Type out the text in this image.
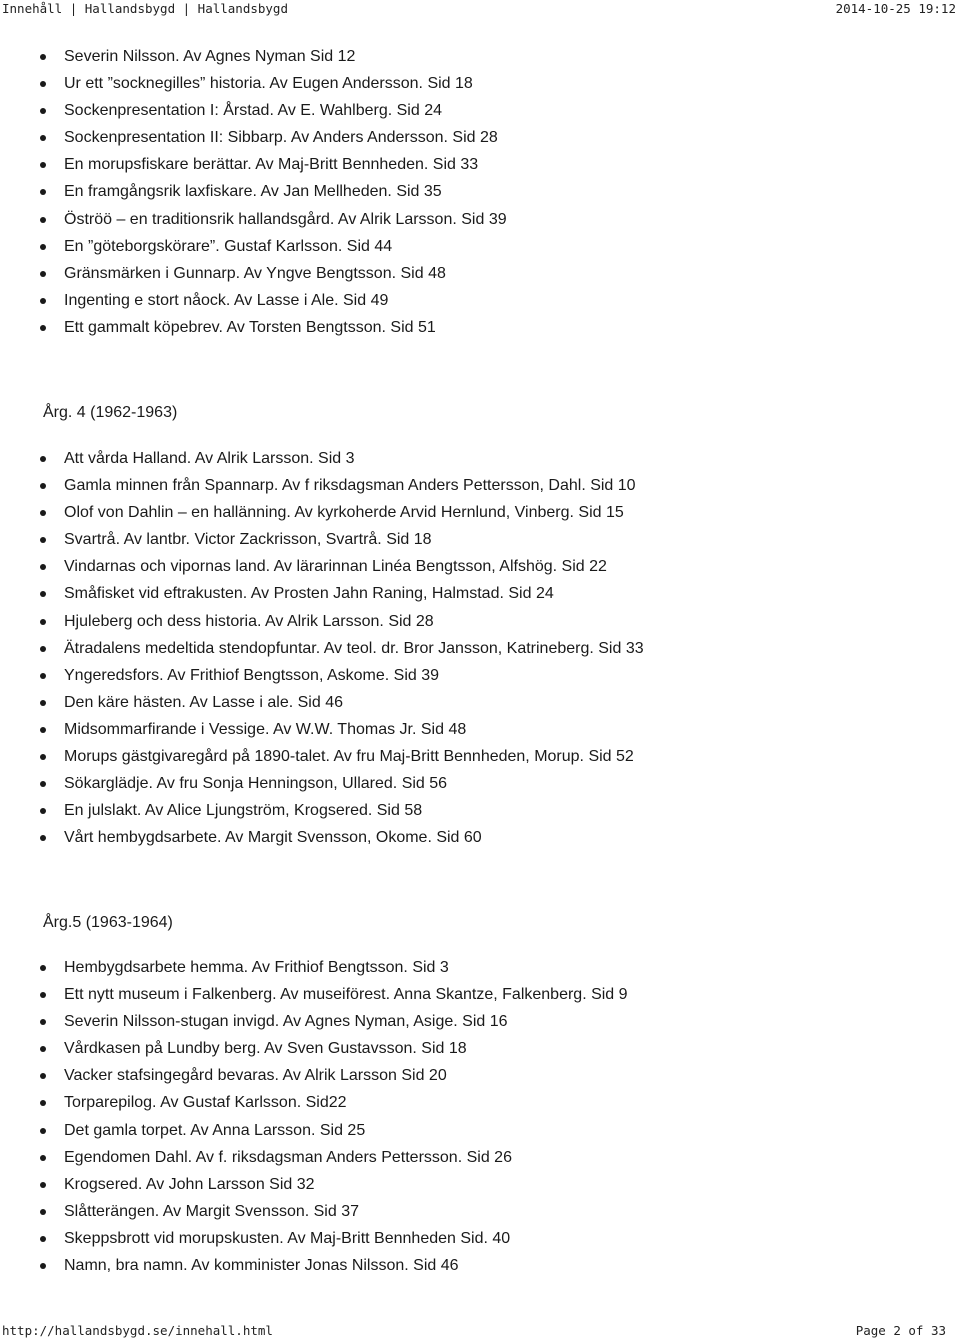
Innehåll | Hallandsbygd | Hallandsbygd	2014-10-25 19:12
Severin Nilsson. Av Agnes Nyman Sid 12
Ur ett ”socknegilles” historia. Av Eugen Andersson. Sid 18
Sockenpresentation I: Årstad. Av E. Wahlberg. Sid 24
Sockenpresentation II: Sibbarp. Av Anders Andersson. Sid 28
En morupsfiskare berättar. Av Maj-Britt Bennheden. Sid 33
En framgångsrik laxfiskare. Av Jan Mellheden. Sid 35
Öströö – en traditionsrik hallandsgård. Av Alrik Larsson. Sid 39
En ”göteborgskörare”. Gustaf Karlsson. Sid 44
Gränsmärken i Gunnarp. Av Yngve Bengtsson. Sid 48
Ingenting e stort nåock. Av Lasse i Ale. Sid 49
Ett gammalt köpebrev. Av Torsten Bengtsson. Sid 51
Årg. 4 (1962-1963)
Att vårda Halland. Av Alrik Larsson. Sid 3
Gamla minnen från Spannarp. Av f riksdagsman Anders Pettersson, Dahl. Sid 10
Olof von Dahlin – en hallänning. Av kyrkoherde Arvid Hernlund, Vinberg. Sid 15
Svartrå. Av lantbr. Victor Zackrisson, Svartrå. Sid 18
Vindarnas och vipornas land. Av lärarinnan Linéa Bengtsson, Alfshög. Sid 22
Småfisket vid eftrakusten. Av Prosten Jahn Raning, Halmstad. Sid 24
Hjuleberg och dess historia. Av Alrik Larsson. Sid 28
Ätradalens medeltida stendopfuntar. Av teol. dr. Bror Jansson, Katrineberg. Sid 33
Yngeredsfors. Av Frithiof Bengtsson, Askome. Sid 39
Den käre hästen. Av Lasse i ale. Sid 46
Midsommarfirande i Vessige. Av W.W. Thomas Jr. Sid 48
Morups gästgivaregård på 1890-talet. Av fru Maj-Britt Bennheden, Morup. Sid 52
Sökarglädje. Av fru Sonja Henningson, Ullared. Sid 56
En julslakt. Av Alice Ljungström, Krogsered. Sid 58
Vårt hembygdsarbete. Av Margit Svensson, Okome. Sid 60
Årg.5 (1963-1964)
Hembygdsarbete hemma. Av Frithiof Bengtsson. Sid 3
Ett nytt museum i Falkenberg. Av museiförest. Anna Skantze, Falkenberg. Sid 9
Severin Nilsson-stugan invigd. Av Agnes Nyman, Asige. Sid 16
Vårdkasen på Lundby berg. Av Sven Gustavsson. Sid 18
Vacker stafsingegård bevaras. Av Alrik Larsson Sid 20
Torparepilog. Av Gustaf Karlsson. Sid22
Det gamla torpet. Av Anna Larsson. Sid 25
Egendomen Dahl. Av f. riksdagsman Anders Pettersson. Sid 26
Krogsered. Av John Larsson Sid 32
Slåtterängen. Av Margit Svensson. Sid 37
Skeppsbrott vid morupskusten. Av Maj-Britt Bennheden Sid. 40
Namn, bra namn. Av komminister Jonas Nilsson. Sid 46
http://hallandsbygd.se/innehall.html	Page 2 of 33
